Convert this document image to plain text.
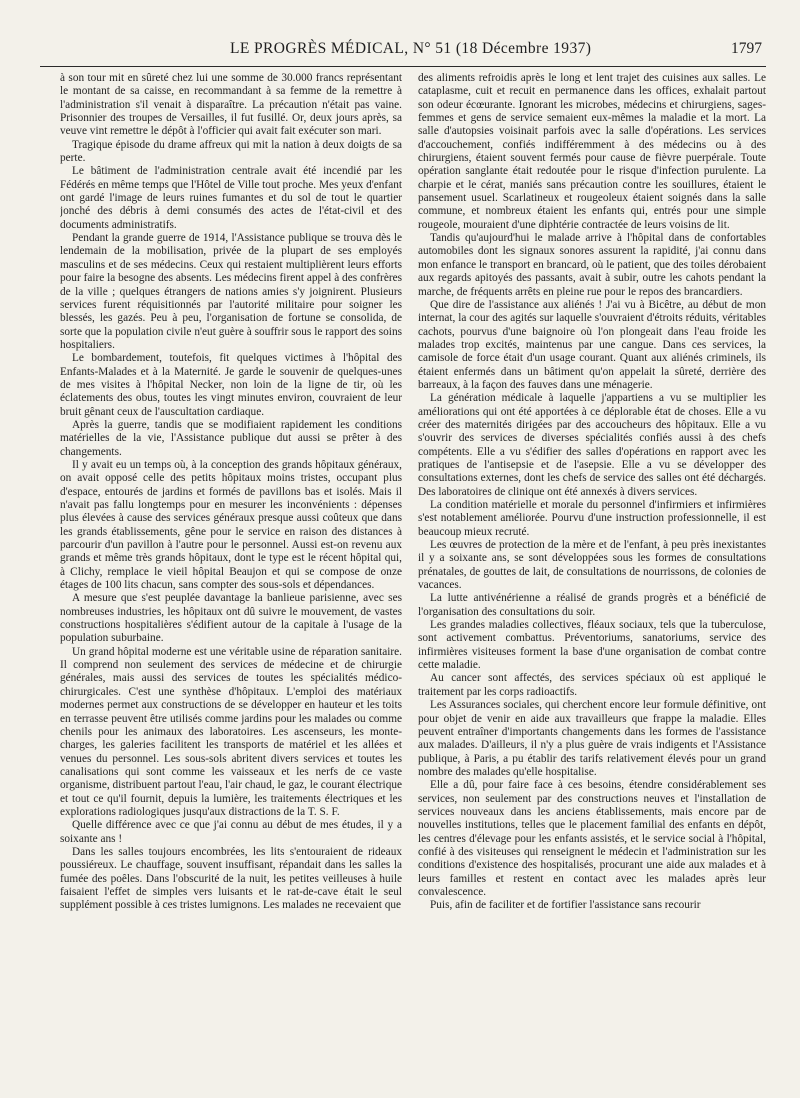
LE PROGRÈS MÉDICAL, N° 51 (18 Décembre 1937)	1797

à son tour mit en sûreté chez lui une somme de 30.000 francs représentant le montant de sa caisse, en recommandant à sa femme de la remettre à l'administration s'il venait à disparaître. La précaution n'était pas vaine. Prisonnier des troupes de Versailles, il fut fusillé. Or, deux jours après, sa veuve vint remettre le dépôt à l'officier qui avait fait exécuter son mari.

Tragique épisode du drame affreux qui mit la nation à deux doigts de sa perte.

Le bâtiment de l'administration centrale avait été incendié par les Fédérés en même temps que l'Hôtel de Ville tout proche. Mes yeux d'enfant ont gardé l'image de leurs ruines fumantes et du sol de tout le quartier jonché des débris à demi consumés des actes de l'état-civil et des documents administratifs.

Pendant la grande guerre de 1914, l'Assistance publique se trouva dès le lendemain de la mobilisation, privée de la plupart de ses employés masculins et de ses médecins. Ceux qui restaient multiplièrent leurs efforts pour faire la besogne des absents. Les médecins firent appel à des confrères de la ville ; quelques étrangers de nations amies s'y joignirent. Plusieurs services furent réquisitionnés par l'autorité militaire pour soigner les blessés, les gazés. Peu à peu, l'organisation de fortune se consolida, de sorte que la population civile n'eut guère à souffrir sous le rapport des soins hospitaliers.

Le bombardement, toutefois, fit quelques victimes à l'hôpital des Enfants-Malades et à la Maternité. Je garde le souvenir de quelques-unes de mes visites à l'hôpital Necker, non loin de la ligne de tir, où les éclatements des obus, toutes les vingt minutes environ, couvraient de leur bruit gênant ceux de l'auscultation cardiaque.

Après la guerre, tandis que se modifiaient rapidement les conditions matérielles de la vie, l'Assistance publique dut aussi se prêter à des changements.

Il y avait eu un temps où, à la conception des grands hôpitaux généraux, on avait opposé celle des petits hôpitaux moins tristes, occupant plus d'espace, entourés de jardins et formés de pavillons bas et isolés. Mais il n'avait pas fallu longtemps pour en mesurer les inconvénients : dépenses plus élevées à cause des services généraux presque aussi coûteux que dans les grands établissements, gêne pour le service en raison des distances à parcourir d'un pavillon à l'autre pour le personnel. Aussi est-on revenu aux grands et même très grands hôpitaux, dont le type est le récent hôpital qui, à Clichy, remplace le vieil hôpital Beaujon et qui se compose de onze étages de 100 lits chacun, sans compter des sous-sols et dépendances.

A mesure que s'est peuplée davantage la banlieue parisienne, avec ses nombreuses industries, les hôpitaux ont dû suivre le mouvement, de vastes constructions hospitalières s'édifient autour de la capitale à l'usage de la population suburbaine.

Un grand hôpital moderne est une véritable usine de réparation sanitaire. Il comprend non seulement des services de médecine et de chirurgie générales, mais aussi des services de toutes les spécialités médico-chirurgicales. C'est une synthèse d'hôpitaux. L'emploi des matériaux modernes permet aux constructions de se développer en hauteur et les toits en terrasse peuvent être utilisés comme jardins pour les malades ou comme chenils pour les animaux des laboratoires. Les ascenseurs, les monte-charges, les galeries facilitent les transports de matériel et les allées et venues du personnel. Les sous-sols abritent divers services et toutes les canalisations qui sont comme les vaisseaux et les nerfs de ce vaste organisme, distribuent partout l'eau, l'air chaud, le gaz, le courant électrique et tout ce qu'il fournit, depuis la lumière, les traitements électriques et les explorations radiologiques jusqu'aux distractions de la T. S. F.

Quelle différence avec ce que j'ai connu au début de mes études, il y a soixante ans !

Dans les salles toujours encombrées, les lits s'entouraient de rideaux poussiéreux. Le chauffage, souvent insuffisant, répandait dans les salles la fumée des poêles. Dans l'obscurité de la nuit, les petites veilleuses à huile faisaient l'effet de simples vers luisants et le rat-de-cave était le seul supplément possible à ces tristes lumignons. Les malades ne recevaient que

des aliments refroidis après le long et lent trajet des cuisines aux salles. Le cataplasme, cuit et recuit en permanence dans les offices, exhalait partout son odeur écœurante. Ignorant les microbes, médecins et chirurgiens, sages-femmes et gens de service semaient eux-mêmes la maladie et la mort. La salle d'autopsies voisinait parfois avec la salle d'opérations. Les services d'accouchement, confiés indifféremment à des médecins ou à des chirurgiens, étaient souvent fermés pour cause de fièvre puerpérale. Toute opération sanglante était redoutée pour le risque d'infection purulente. La charpie et le cérat, maniés sans précaution contre les souillures, étaient le pansement usuel. Scarlatineux et rougeoleux étaient soignés dans la salle commune, et nombreux étaient les enfants qui, entrés pour une simple rougeole, mouraient d'une diphtérie contractée de leurs voisins de lit.

Tandis qu'aujourd'hui le malade arrive à l'hôpital dans de confortables automobiles dont les signaux sonores assurent la rapidité, j'ai connu dans mon enfance le transport en brancard, où le patient, que des toiles dérobaient aux regards apitoyés des passants, avait à subir, outre les cahots pendant la marche, de fréquents arrêts en pleine rue pour le repos des brancardiers.

Que dire de l'assistance aux aliénés ! J'ai vu à Bicêtre, au début de mon internat, la cour des agités sur laquelle s'ouvraient d'étroits réduits, véritables cachots, pourvus d'une baignoire où l'on plongeait dans l'eau froide les malades trop excités, maintenus par une cangue. Dans ces services, la camisole de force était d'un usage courant. Quant aux aliénés criminels, ils étaient enfermés dans un bâtiment qu'on appelait la sûreté, derrière des barreaux, à la façon des fauves dans une ménagerie.

La génération médicale à laquelle j'appartiens a vu se multiplier les améliorations qui ont été apportées à ce déplorable état de choses. Elle a vu créer des maternités dirigées par des accoucheurs des hôpitaux. Elle a vu s'ouvrir des services de diverses spécialités confiés aussi à des chefs compétents. Elle a vu s'édifier des salles d'opérations en rapport avec les pratiques de l'antisepsie et de l'asepsie. Elle a vu se développer des consultations externes, dont les chefs de service des salles ont été déchargés. Des laboratoires de clinique ont été annexés à divers services.

La condition matérielle et morale du personnel d'infirmiers et infirmières s'est notablement améliorée. Pourvu d'une instruction professionnelle, il est beaucoup mieux recruté.

Les œuvres de protection de la mère et de l'enfant, à peu près inexistantes il y a soixante ans, se sont développées sous les formes de consultations prénatales, de gouttes de lait, de consultations de nourrissons, de colonies de vacances.

La lutte antivénérienne a réalisé de grands progrès et a bénéficié de l'organisation des consultations du soir.

Les grandes maladies collectives, fléaux sociaux, tels que la tuberculose, sont activement combattus. Préventoriums, sanatoriums, service des infirmières visiteuses forment la base d'une organisation de combat contre cette maladie.

Au cancer sont affectés, des services spéciaux où est appliqué le traitement par les corps radioactifs.

Les Assurances sociales, qui cherchent encore leur formule définitive, ont pour objet de venir en aide aux travailleurs que frappe la maladie. Elles peuvent entraîner d'importants changements dans les formes de l'assistance aux malades. D'ailleurs, il n'y a plus guère de vrais indigents et l'Assistance publique, à Paris, a pu établir des tarifs relativement élevés pour un grand nombre des malades qu'elle hospitalise.

Elle a dû, pour faire face à ces besoins, étendre considérablement ses services, non seulement par des constructions neuves et l'installation de services nouveaux dans les anciens établissements, mais encore par de nouvelles institutions, telles que le placement familial des enfants en dépôt, les centres d'élevage pour les enfants assistés, et le service social à l'hôpital, confié à des visiteuses qui renseignent le médecin et l'administration sur les conditions d'existence des hospitalisés, procurant une aide aux malades et à leurs familles et restent en contact avec les malades après leur convalescence.

Puis, afin de faciliter et de fortifier l'assistance sans recourir
